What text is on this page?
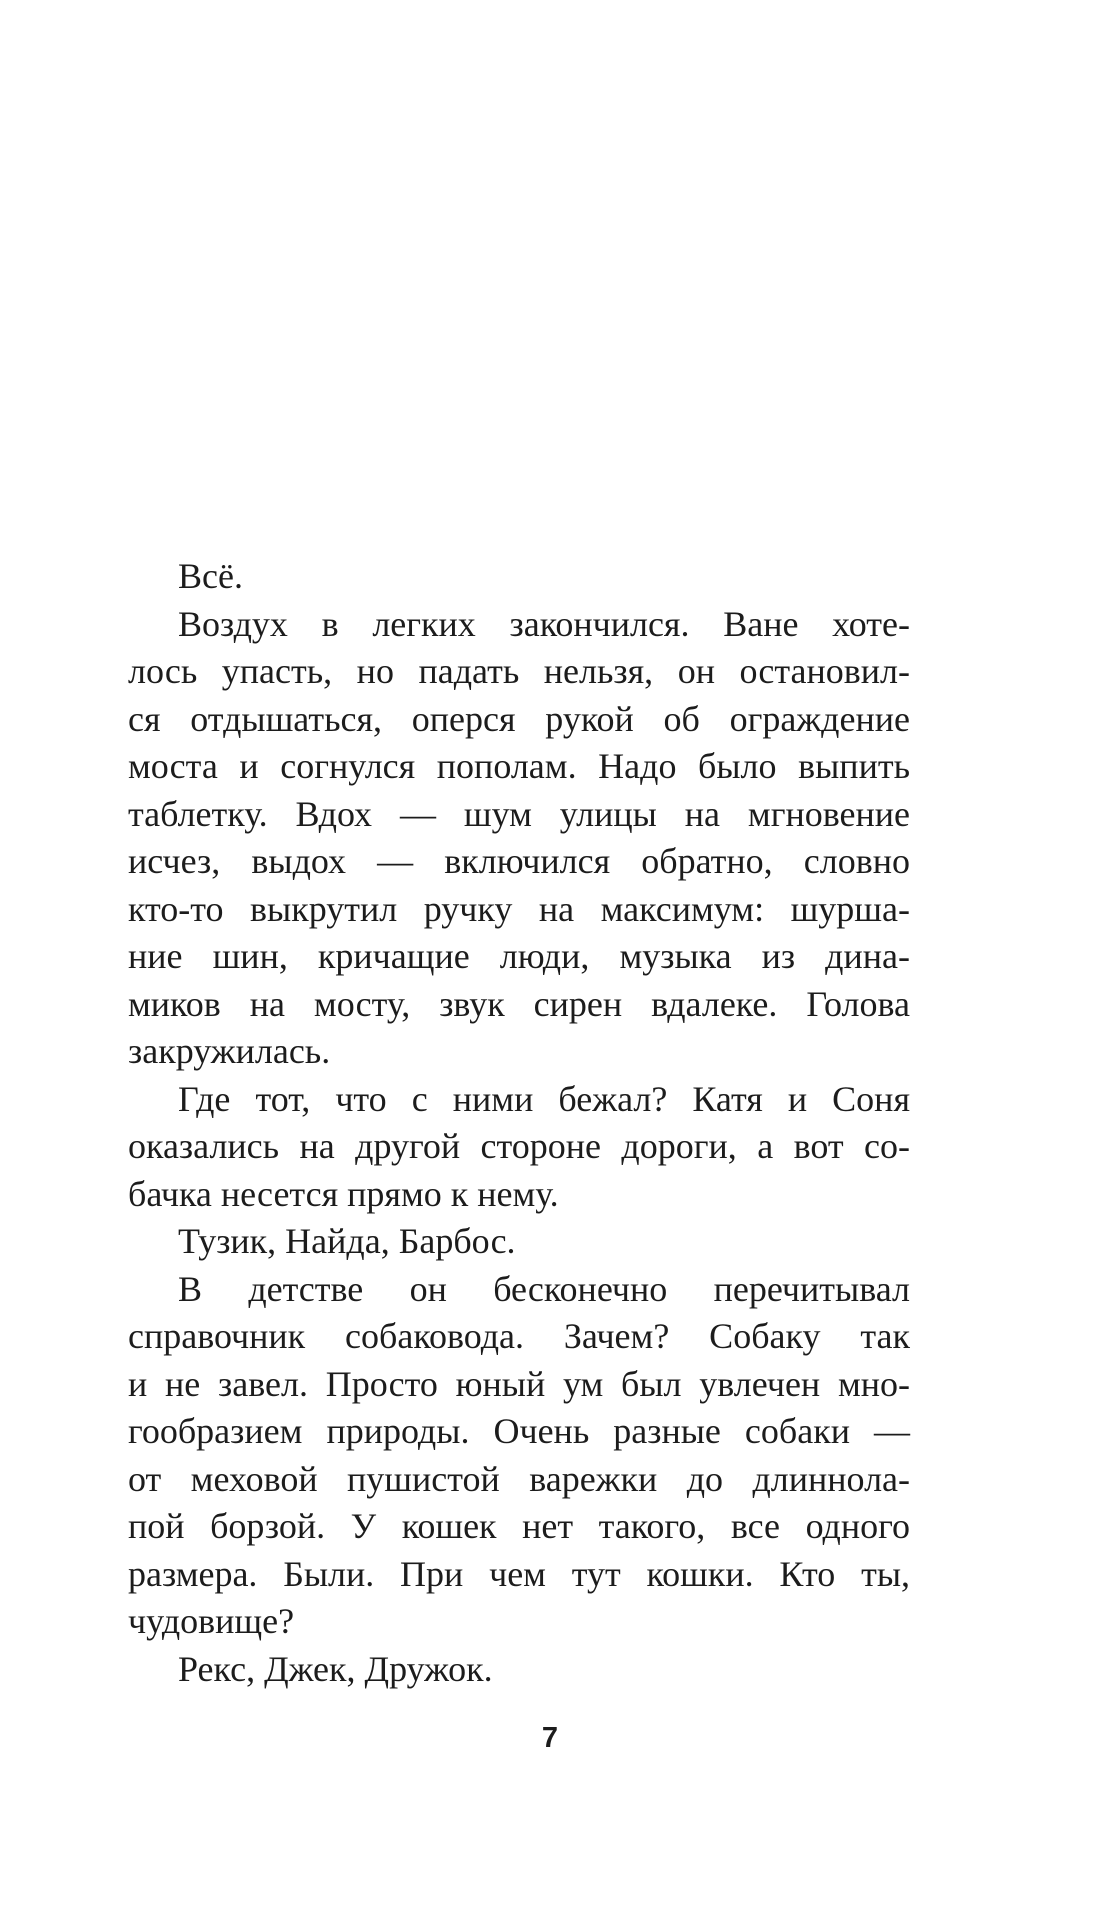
Всё.
Воздух в легких закончился. Ване хоте-
лось упасть, но падать нельзя, он остановил-
ся отдышаться, оперся рукой об ограждение
моста и согнулся пополам. Надо было выпить
таблетку. Вдох — шум улицы на мгновение
исчез, выдох — включился обратно, словно
кто-то выкрутил ручку на максимум: шурша-
ние шин, кричащие люди, музыка из дина-
миков на мосту, звук сирен вдалеке. Голова
закружилась.
Где тот, что с ними бежал? Катя и Соня
оказались на другой стороне дороги, а вот со-
бачка несется прямо к нему.
Тузик, Найда, Барбос.
В детстве он бесконечно перечитывал
справочник собаковода. Зачем? Собаку так
и не завел. Просто юный ум был увлечен мно-
гообразием природы. Очень разные собаки —
от меховой пушистой варежки до длиннола-
пой борзой. У кошек нет такого, все одного
размера. Были. При чем тут кошки. Кто ты,
чудовище?
Рекс, Джек, Дружок.
7
